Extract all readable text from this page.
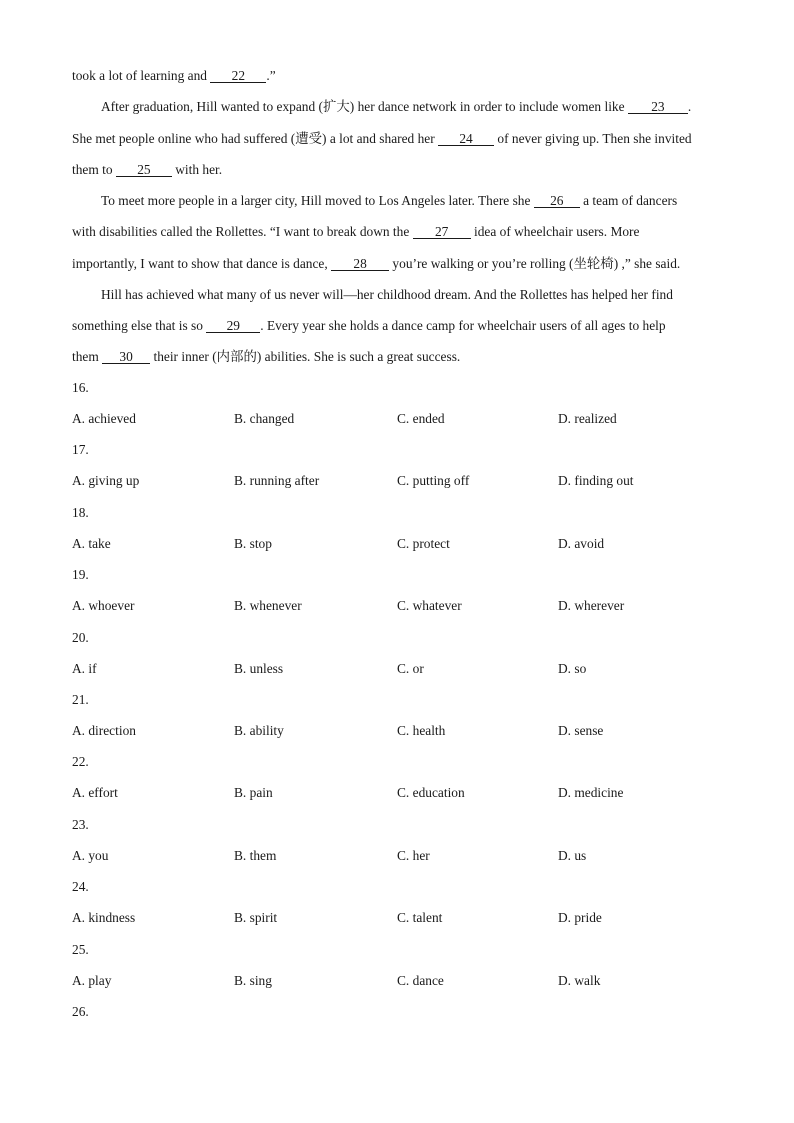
took a lot of learning and 22 .”
After graduation, Hill wanted to expand (扩大) her dance network in order to include women like 23 .
She met people online who had suffered (遭受) a lot and shared her 24 of never giving up. Then she invited
them to 25 with her.
To meet more people in a larger city, Hill moved to Los Angeles later. There she 26 a team of dancers
with disabilities called the Rollettes. “I want to break down the 27 idea of wheelchair users. More
importantly, I want to show that dance is dance, 28 you’re walking or you’re rolling (坐轮椅) ,” she said.
Hill has achieved what many of us never will—her childhood dream. And the Rollettes has helped her find
something else that is so 29 . Every year she holds a dance camp for wheelchair users of all ages to help
them 30 their inner (内部的) abilities. She is such a great success.
16.
A. achieved	B. changed	C. ended	D. realized
17.
A. giving up	B. running after	C. putting off	D. finding out
18.
A. take	B. stop	C. protect	D. avoid
19.
A. whoever	B. whenever	C. whatever	D. wherever
20.
A. if	B. unless	C. or	D. so
21.
A. direction	B. ability	C. health	D. sense
22.
A. effort	B. pain	C. education	D. medicine
23.
A. you	B. them	C. her	D. us
24.
A. kindness	B. spirit	C. talent	D. pride
25.
A. play	B. sing	C. dance	D. walk
26.
